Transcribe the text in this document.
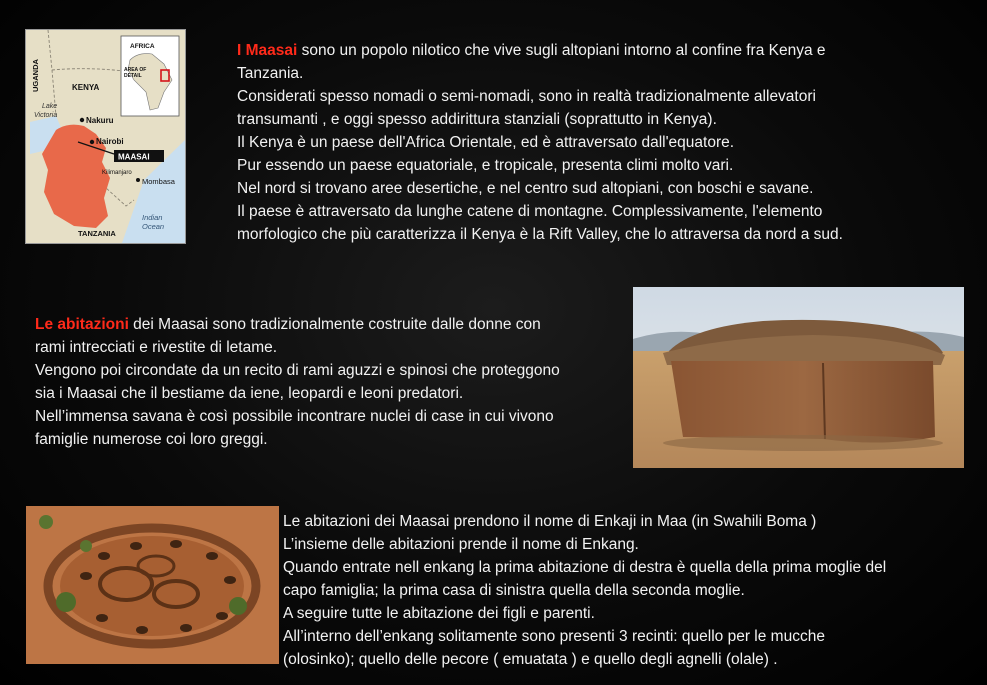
I Maasai sono un popolo nilotico che vive sugli altopiani intorno al confine fra Kenya e

Tanzania.

Considerati spesso nomadi o semi-nomadi, sono in realtà tradizionalmente allevatori

transumanti , e oggi spesso addirittura stanziali (soprattutto in Kenya).

Il Kenya è un paese dell'Africa Orientale, ed è attraversato dall'equatore.

Pur essendo un paese equatoriale, e tropicale, presenta climi molto vari.

Nel nord si trovano aree desertiche, e nel centro sud altopiani, con boschi e savane.

Il paese è attraversato da lunghe catene di montagne. Complessivamente, l'elemento

morfologico che più caratterizza il Kenya è la Rift Valley, che lo attraversa da nord a sud.

Le abitazioni dei Maasai sono tradizionalmente costruite dalle donne con

rami intrecciati e rivestite di letame.

Vengono poi circondate da un recito di rami aguzzi e spinosi che proteggono

sia i Maasai che il bestiame da iene, leopardi e leoni predatori.

Nell’immensa savana è così possibile incontrare nuclei di case in cui vivono

famiglie numerose coi loro greggi.

Le abitazioni dei Maasai prendono il nome di Enkaji in Maa (in Swahili Boma )

L’insieme delle abitazioni prende il nome di Enkang.

Quando entrate nell enkang la prima abitazione di destra è quella della prima moglie del

capo famiglia; la prima casa di sinistra quella della seconda moglie.

A seguire tutte le abitazione dei figli e parenti.

All’interno dell’enkang solitamente sono presenti 3 recinti: quello per le mucche

(olosinko); quello delle pecore ( emuatata ) e quello degli agnelli (olale) .

UGANDA	KENYA
Lake
Victoria
Nakuru
Nairobi
MAASAI
Kilimanjaro
Mombasa
Indian
Ocean
TANZANIA
AFRICA
AREA OF
DETAIL
